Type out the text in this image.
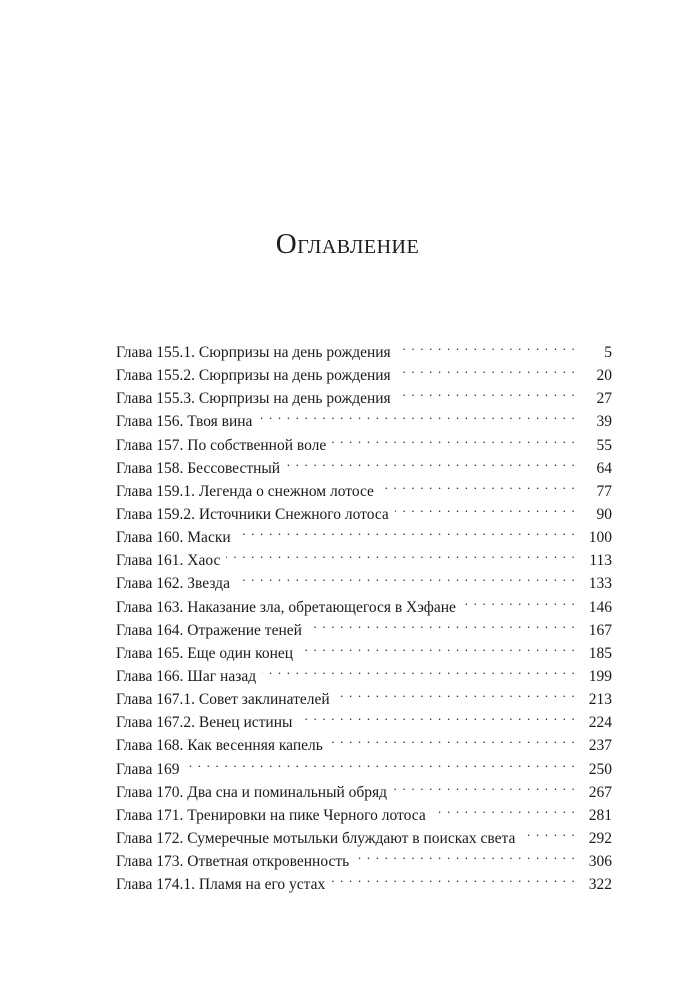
Оглавление
Глава 155.1. Сюрпризы на день рождения . . .	5
Глава 155.2. Сюрпризы на день рождения . . .	20
Глава 155.3. Сюрпризы на день рождения . . .	27
Глава 156. Твоя вина . . .	39
Глава 157. По собственной воле . . .	55
Глава 158. Бессовестный . . .	64
Глава 159.1. Легенда о снежном лотосе . . .	77
Глава 159.2. Источники Снежного лотоса . . .	90
Глава 160. Маски . . .	100
Глава 161. Хаос . . .	113
Глава 162. Звезда . . .	133
Глава 163. Наказание зла, обретающегося в Хэфане . . .	146
Глава 164. Отражение теней . . .	167
Глава 165. Еще один конец . . .	185
Глава 166. Шаг назад . . .	199
Глава 167.1. Совет заклинателей . . .	213
Глава 167.2. Венец истины . . .	224
Глава 168. Как весенняя капель . . .	237
Глава 169 . . .	250
Глава 170. Два сна и поминальный обряд . . .	267
Глава 171. Тренировки на пике Черного лотоса . . .	281
Глава 172. Сумеречные мотыльки блуждают в поисках света . . .	292
Глава 173. Ответная откровенность . . .	306
Глава 174.1. Пламя на его устах . . .	322
